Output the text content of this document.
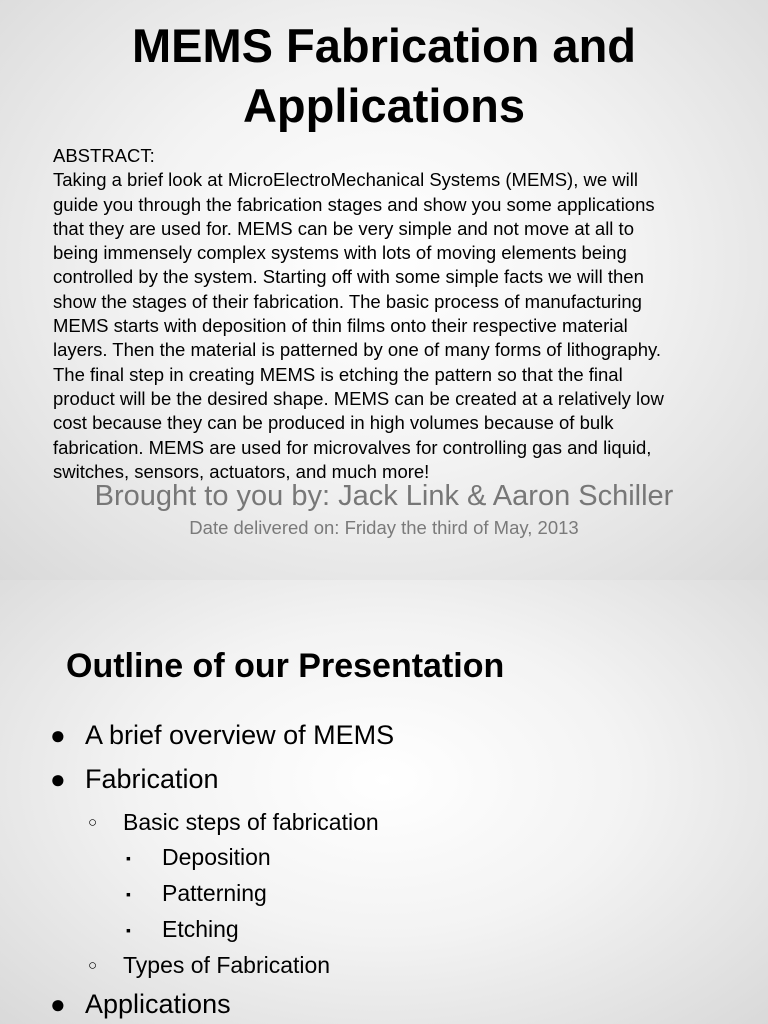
MEMS Fabrication and
Applications

ABSTRACT:
Taking a brief look at MicroElectroMechanical Systems (MEMS), we will
guide you through the fabrication stages and show you some applications
that they are used for. MEMS can be very simple and not move at all to
being immensely complex systems with lots of moving elements being
controlled by the system. Starting off with some simple facts we will then
show the stages of their fabrication. The basic process of manufacturing
MEMS starts with deposition of thin films onto their respective material
layers. Then the material is patterned by one of many forms of lithography.
The final step in creating MEMS is etching the pattern so that the final
product will be the desired shape. MEMS can be created at a relatively low
cost because they can be produced in high volumes because of bulk
fabrication. MEMS are used for microvalves for controlling gas and liquid,
switches, sensors, actuators, and much more!

Brought to you by: Jack Link & Aaron Schiller
Date delivered on: Friday the third of May, 2013
Outline of our Presentation
● A brief overview of MEMS
● Fabrication
○	Basic steps of fabrication
▪	Deposition
▪	Patterning
▪	Etching
○	Types of Fabrication
● Applications
